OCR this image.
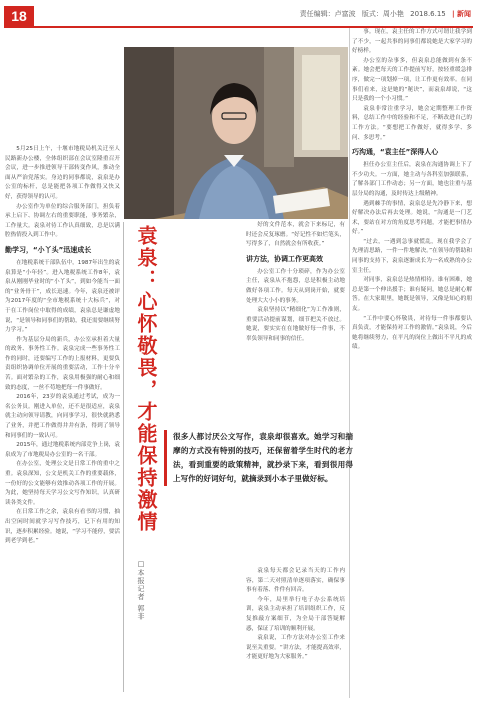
18	责任编辑：卢富波 版式：周小艳 2018.6.15 | 新闻
袁泉：心怀敬畏，才能保持激情
□本报记者 郭非

5月25日上午，十堰市地税局机关迁至人民路新办公楼，全体组织部在会议室隆重召开会议，进一步推进领导干部转变作风，推动全面从严治党落实。身边的同事都说，袁泉是办公室的标杆，总是能把各项工作做得又快又好，获得领导的认可。

办公室作为单位的综合服务部门，担负着承上启下、协调左右的重要职能，事务繁杂，工作量大。袁泉对待工作认真细致，总是以满腔热情投入到工作中。

勤学习，“小丫头”迅速成长

在地税系统干部队伍中，1987年出生的袁泉算是“小年轻”。进入地税系统工作8年，袁泉从刚刚毕业时的“小丫头”，到如今能当一面的“业务骨干”，成长迅速。今年，袁泉还被评为2017年度的“全市地税系统十大标兵”，对于在工作岗位中取得的成绩，袁泉总是谦虚地说，“是领导和同事们的帮助，我还需要继续努力学习。”

作为基层分局的新兵，办公室承担着大量的政务、事务性工作。袁泉完成一些事务性工作的同时，还要编写工作的上报材料，更要负责组织协调单位开展的重要活动，工作十分辛苦。面对繁杂的工作，袁泉用极强的耐心和细致的态度，一丝不苟地把每一件事做好。

2016年，23岁的袁泉通过考试，成为一名公务员。刚进入单位，还不是很适应，袁泉就主动向领导请教，向同事学习，很快就熟悉了业务，并把工作做得井井有条，得到了领导和同事们的一致认可。

2015年，通过地税系统内部竞争上岗，袁泉成为了市地税局办公室的一名干部。

在办公室，处理公文是日常工作的重中之重。袁泉深知，公文是机关工作的重要载体，一份好的公文能够有效推动各项工作的开展。为此，她坚持每天学习公文写作知识，认真研读各类文件。

在日常工作之余，袁泉有看书的习惯，抽出空闲时间就学习写作技巧，记下有用的知识，逐步积累经验。她说，“学习不能停，要活到老学到老。”

好的文件范本，就会下来标记，有时还会反复琢磨。“好记性不如烂笔头，写得多了，自然就会有所收获。”

讲方法，协调工作更高效

办公室工作十分琐碎，作为办公室主任，袁泉从不抱怨，总是积极主动地做好各项工作。每天从到岗开始，就要处理大大小小的事务。

袁泉坚持以“精细化”为工作准则，重要活动提前谋划，细节把关不放过。她说，要实实在在地做好每一件事，不辜负领导和同事的信任。

很多人都讨厌公文写作，袁泉却很喜欢。她学习和揣摩的方式没有特别的技巧，还保留着学生时代的老方法，看到重要的政策精神，就抄录下来，看到很用得上写作的好词好句，就摘录到小本子里做好标。

袁泉每天都会记录当天的工作内容，第二天对照清单逐项落实，确保事事有着落、件件有回音。

今年，局里举行电子办公系统培训，袁泉主动承担了培训组织工作，反复推敲方案细节，为全局干部答疑解惑，保证了培训的顺利开展。

袁泉说，工作方法对办公室工作来说至关重要。“讲方法，才能提高效率，才能更好地为大家服务。”

事。现在，袁主任的工作方式可谓让我学到了不少，一起共事的同事们都说她是大家学习的好榜样。

办公室的杂事多，但袁泉总能做到有条不紊。她会把每天的工作提前写好，按轻重缓急排序，做完一项划掉一项，让工作更有效率。在同事们看来，这是她的“秘诀”，而袁泉却说，“这只是我的一个小习惯。”

袁泉非常注重学习，她会定期整理工作资料，总结工作中的经验和不足，不断改进自己的工作方法。“要想把工作做好，就得多学、多问、多思考。”

巧沟通，“袁主任”深得人心

担任办公室主任后，袁泉在沟通协调上下了不少功夫。一方面，她主动与各科室加强联系，了解各部门工作动态；另一方面，她也注重与基层分局的沟通，及时传达上级精神。

遇到棘手的事情，袁泉总是先冷静下来，想好解决办法后再去处理。她说，“沟通是一门艺术，要站在对方的角度思考问题，才能把事情办好。”

“过去，一遇到急事就慌乱，现在我学会了先理清思路，一件一件地解决。”在领导的帮助和同事的支持下，袁泉逐渐成长为一名成熟的办公室主任。

对同事，袁泉总是热情相待。谁有困难，她总是第一个伸出援手；谁有疑问，她总是耐心解答。在大家眼里，她既是领导，又像是知心的朋友。

“工作中要心怀敬畏，对待每一件事都要认真负责，才能保持对工作的激情。”袁泉说，今后她将继续努力，在平凡的岗位上做出不平凡的成绩。
